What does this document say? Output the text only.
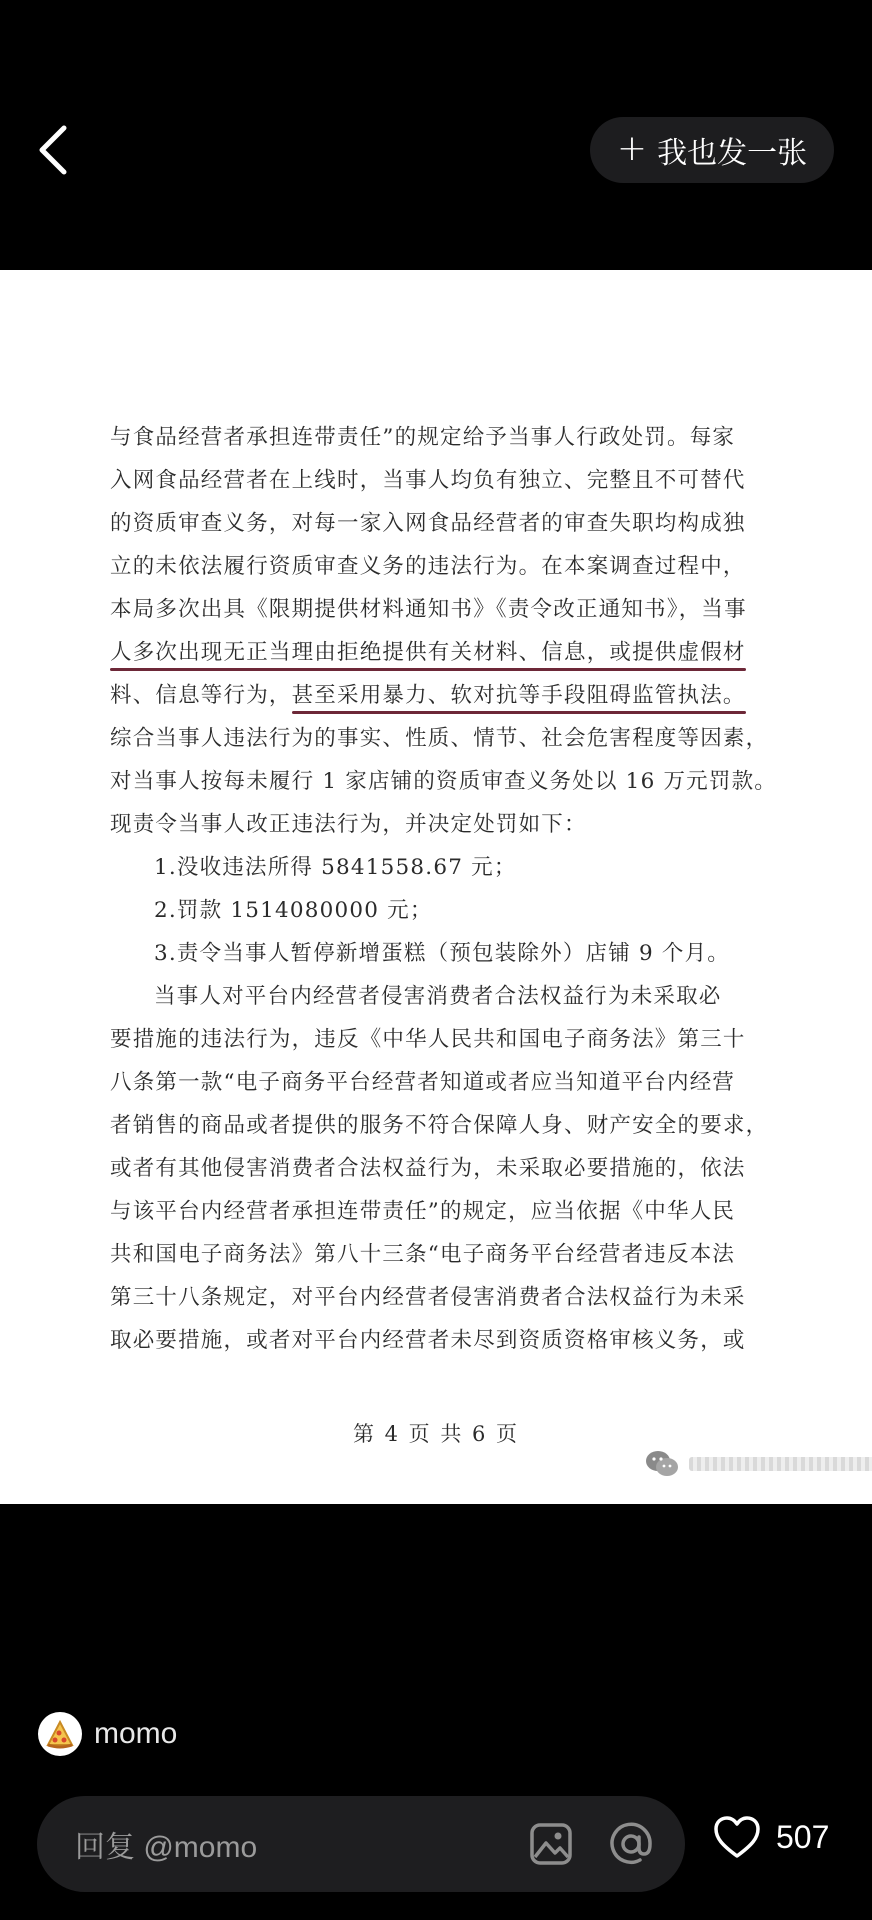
+ 我也发一张
与食品经营者承担连带责任”的规定给予当事人行政处罚。每家
入网食品经营者在上线时，当事人均负有独立、完整且不可替代
的资质审查义务，对每一家入网食品经营者的审查失职均构成独
立的未依法履行资质审查义务的违法行为。在本案调查过程中，
本局多次出具《限期提供材料通知书》《责令改正通知书》，当事
人多次出现无正当理由拒绝提供有关材料、信息，或提供虚假材
料、信息等行为，甚至采用暴力、软对抗等手段阻碍监管执法。
综合当事人违法行为的事实、性质、情节、社会危害程度等因素，
对当事人按每未履行 1 家店铺的资质审查义务处以 16 万元罚款。
现责令当事人改正违法行为，并决定处罚如下：
1.没收违法所得 5841558.67 元；
2.罚款 1514080000 元；
3.责令当事人暂停新增蛋糕（预包装除外）店铺 9 个月。
当事人对平台内经营者侵害消费者合法权益行为未采取必
要措施的违法行为，违反《中华人民共和国电子商务法》第三十
八条第一款“电子商务平台经营者知道或者应当知道平台内经营
者销售的商品或者提供的服务不符合保障人身、财产安全的要求，
或者有其他侵害消费者合法权益行为，未采取必要措施的，依法
与该平台内经营者承担连带责任”的规定，应当依据《中华人民
共和国电子商务法》第八十三条“电子商务平台经营者违反本法
第三十八条规定，对平台内经营者侵害消费者合法权益行为未采
取必要措施，或者对平台内经营者未尽到资质资格审核义务，或
第 4 页 共 6 页
momo
回复 @momo	507
